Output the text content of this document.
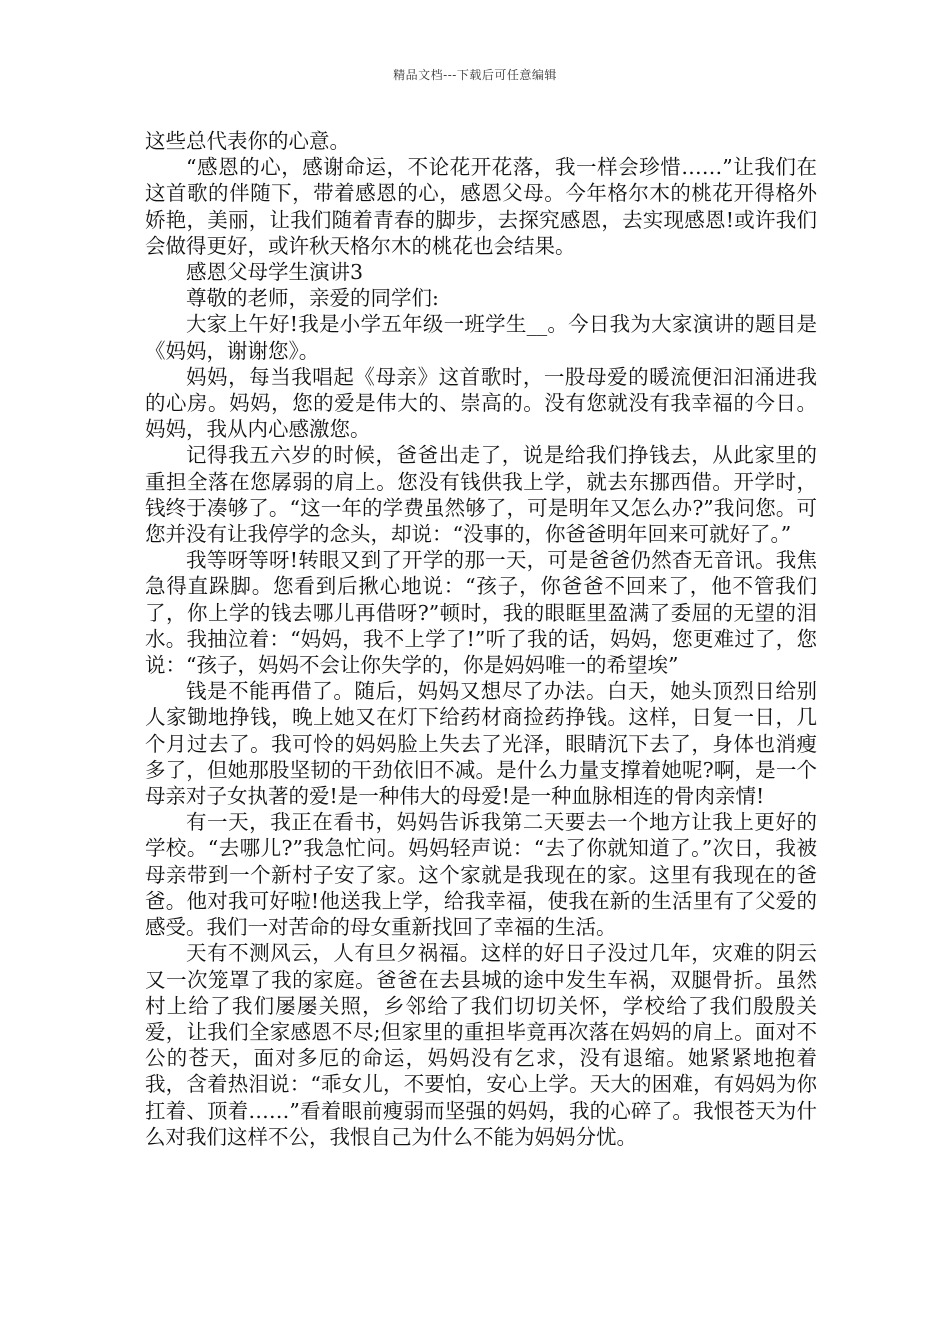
精品文档---下载后可任意编辑

这些总代表你的心意。

“感恩的心，感谢命运，不论花开花落，我一样会珍惜……”让我们在这首歌的伴随下，带着感恩的心，感恩父母。今年格尔木的桃花开得格外娇艳，美丽，让我们随着青春的脚步，去探究感恩，去实现感恩!或许我们会做得更好，或许秋天格尔木的桃花也会结果。

感恩父母学生演讲3

尊敬的老师，亲爱的同学们:

大家上午好!我是小学五年级一班学生__。今日我为大家演讲的题目是《妈妈，谢谢您》。

妈妈，每当我唱起《母亲》这首歌时，一股母爱的暖流便汩汩涌进我的心房。妈妈，您的爱是伟大的、崇高的。没有您就没有我幸福的今日。妈妈，我从内心感激您。

记得我五六岁的时候，爸爸出走了，说是给我们挣钱去，从此家里的重担全落在您孱弱的肩上。您没有钱供我上学，就去东挪西借。开学时，钱终于凑够了。“这一年的学费虽然够了，可是明年又怎么办?”我问您。可您并没有让我停学的念头，却说：“没事的，你爸爸明年回来可就好了。”

我等呀等呀!转眼又到了开学的那一天，可是爸爸仍然杳无音讯。我焦急得直跺脚。您看到后揪心地说：“孩子，你爸爸不回来了，他不管我们了，你上学的钱去哪儿再借呀?”顿时，我的眼眶里盈满了委屈的无望的泪水。我抽泣着：“妈妈，我不上学了!”听了我的话，妈妈，您更难过了，您说：“孩子，妈妈不会让你失学的，你是妈妈唯一的希望埃”

钱是不能再借了。随后，妈妈又想尽了办法。白天，她头顶烈日给别人家锄地挣钱，晚上她又在灯下给药材商捡药挣钱。这样，日复一日，几个月过去了。我可怜的妈妈脸上失去了光泽，眼睛沉下去了，身体也消瘦多了，但她那股坚韧的干劲依旧不减。是什么力量支撑着她呢?啊，是一个母亲对子女执著的爱!是一种伟大的母爱!是一种血脉相连的骨肉亲情!

有一天，我正在看书，妈妈告诉我第二天要去一个地方让我上更好的学校。“去哪儿?”我急忙问。妈妈轻声说：“去了你就知道了。”次日，我被母亲带到一个新村子安了家。这个家就是我现在的家。这里有我现在的爸爸。他对我可好啦!他送我上学，给我幸福，使我在新的生活里有了父爱的感受。我们一对苦命的母女重新找回了幸福的生活。

天有不测风云，人有旦夕祸福。这样的好日子没过几年，灾难的阴云又一次笼罩了我的家庭。爸爸在去县城的途中发生车祸，双腿骨折。虽然村上给了我们屡屡关照，乡邻给了我们切切关怀，学校给了我们殷殷关爱，让我们全家感恩不尽;但家里的重担毕竟再次落在妈妈的肩上。面对不公的苍天，面对多厄的命运，妈妈没有乞求，没有退缩。她紧紧地抱着我，含着热泪说：“乖女儿，不要怕，安心上学。天大的困难，有妈妈为你扛着、顶着……”看着眼前瘦弱而坚强的妈妈，我的心碎了。我恨苍天为什么对我们这样不公，我恨自己为什么不能为妈妈分忧。
